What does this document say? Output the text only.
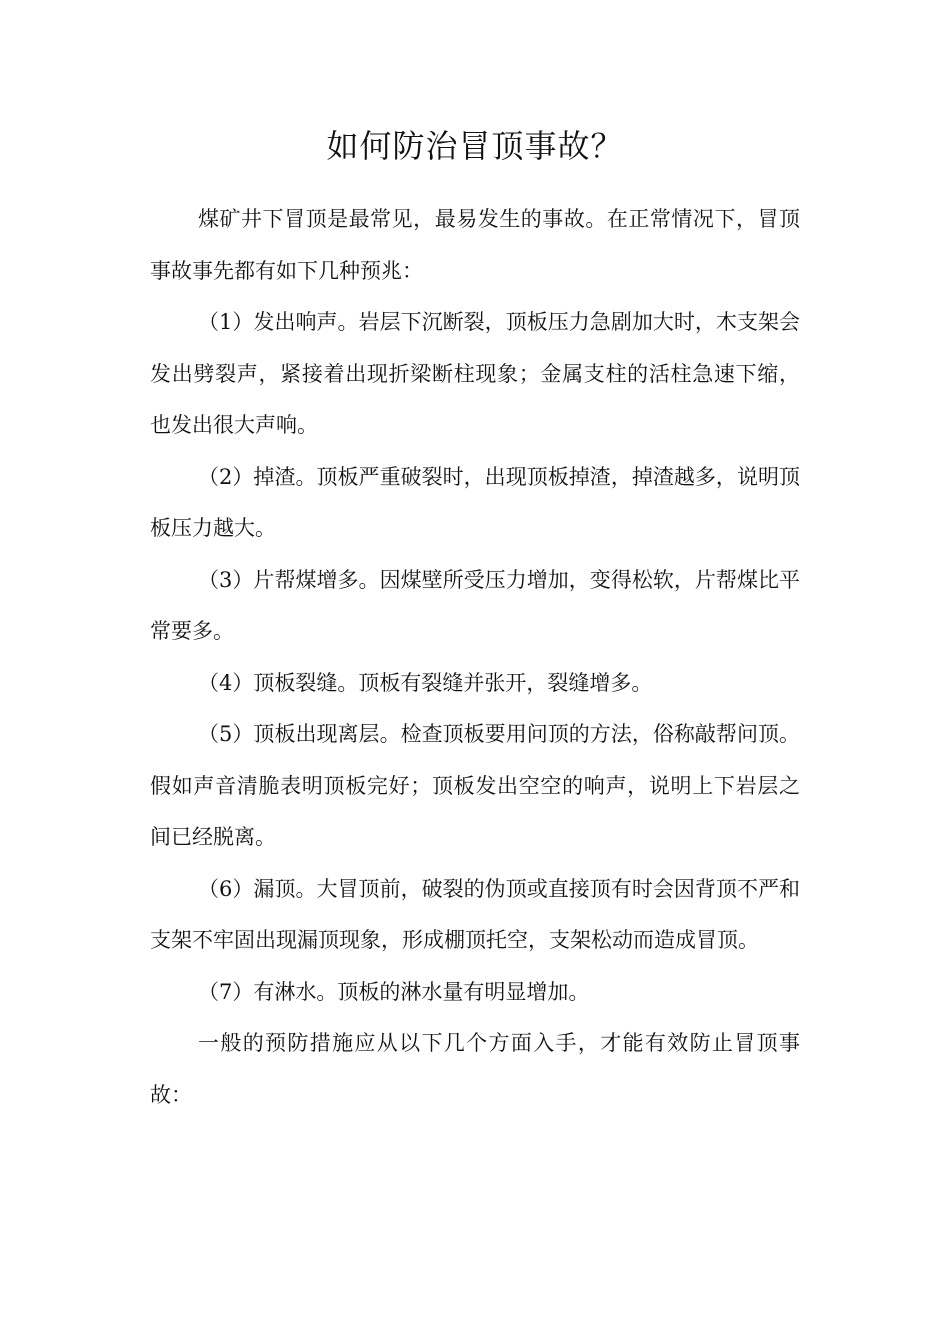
如何防治冒顶事故？

煤矿井下冒顶是最常见，最易发生的事故。在正常情况下，冒顶事故事先都有如下几种预兆：

（1）发出响声。岩层下沉断裂，顶板压力急剧加大时，木支架会发出劈裂声，紧接着出现折梁断柱现象；金属支柱的活柱急速下缩， 也发出很大声响。

（2）掉渣。顶板严重破裂时，出现顶板掉渣，掉渣越多，说明顶板压力越大。

（3）片帮煤增多。因煤壁所受压力增加，变得松软，片帮煤比平常要多。

（4）顶板裂缝。顶板有裂缝并张开，裂缝增多。

（5）顶板出现离层。检查顶板要用问顶的方法，俗称敲帮问顶。假如声音清脆表明顶板完好；顶板发出空空的响声，说明上下岩层之间已经脱离。

（6）漏顶。大冒顶前，破裂的伪顶或直接顶有时会因背顶不严和支架不牢固出现漏顶现象，形成棚顶托空，支架松动而造成冒顶。

（7）有淋水。顶板的淋水量有明显增加。

一般的预防措施应从以下几个方面入手，才能有效防止冒顶事故：
